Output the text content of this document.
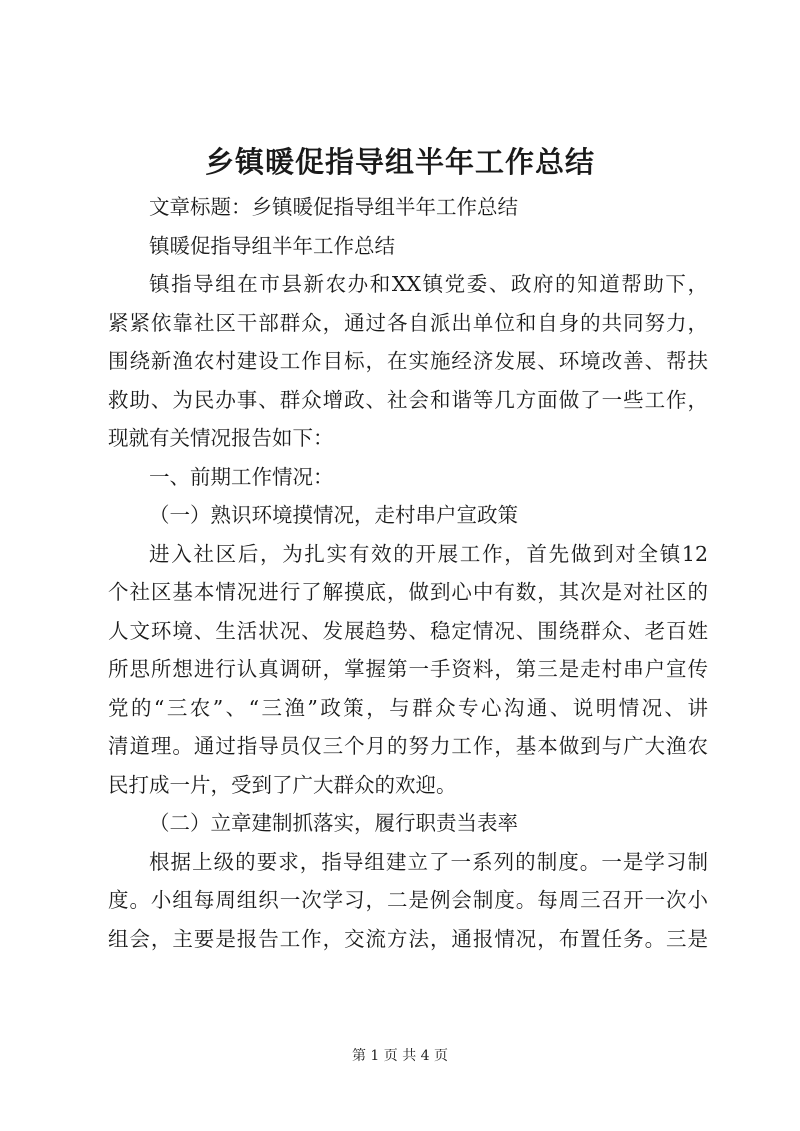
乡镇暖促指导组半年工作总结
文章标题：乡镇暖促指导组半年工作总结
镇暖促指导组半年工作总结
镇指导组在市县新农办和XX镇党委、政府的知道帮助下，
紧紧依靠社区干部群众，通过各自派出单位和自身的共同努力，
围绕新渔农村建设工作目标，在实施经济发展、环境改善、帮扶
救助、为民办事、群众增政、社会和谐等几方面做了一些工作，
现就有关情况报告如下：
一、前期工作情况：
（一）熟识环境摸情况，走村串户宣政策
进入社区后，为扎实有效的开展工作，首先做到对全镇12
个社区基本情况进行了解摸底，做到心中有数，其次是对社区的
人文环境、生活状况、发展趋势、稳定情况、围绕群众、老百姓
所思所想进行认真调研，掌握第一手资料，第三是走村串户宣传
党的“三农”、“三渔”政策，与群众专心沟通、说明情况、讲
清道理。通过指导员仅三个月的努力工作，基本做到与广大渔农
民打成一片，受到了广大群众的欢迎。
（二）立章建制抓落实，履行职责当表率
根据上级的要求，指导组建立了一系列的制度。一是学习制
度。小组每周组织一次学习，二是例会制度。每周三召开一次小
组会，主要是报告工作，交流方法，通报情况，布置任务。三是
第 1 页 共 4 页
